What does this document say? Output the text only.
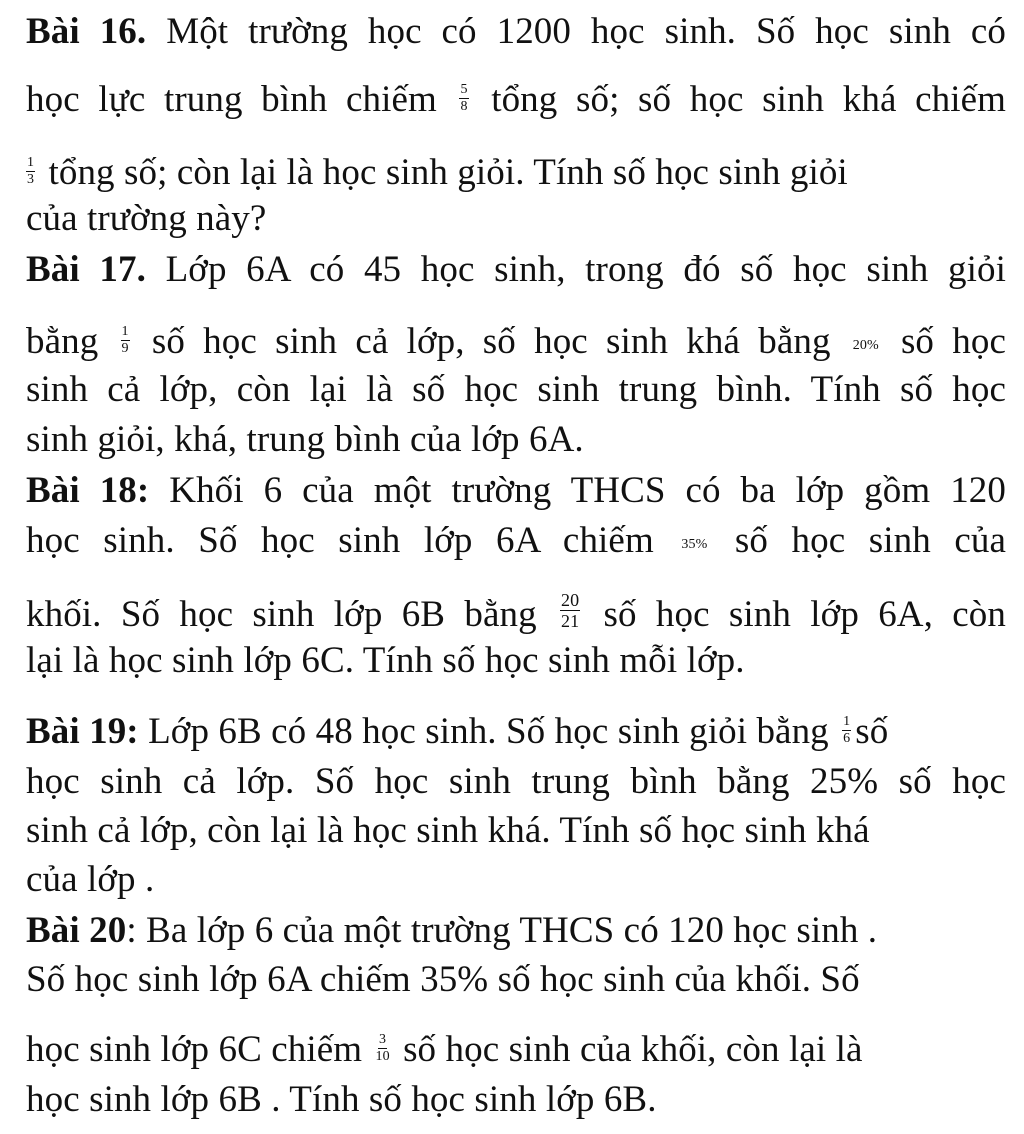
Bài 16. Một trường học có 1200 học sinh. Số học sinh có
học lực trung bình chiếm $\frac{5}{8}$ tổng số; số học sinh khá chiếm
$\frac{1}{3}$ tổng số; còn lại là học sinh giỏi. Tính số học sinh giỏi
của trường này?
Bài 17. Lớp 6A có 45 học sinh, trong đó số học sinh giỏi
bằng $\frac{1}{9}$ số học sinh cả lớp, số học sinh khá bằng 20% số học
sinh cả lớp, còn lại là số học sinh trung bình. Tính số học
sinh giỏi, khá, trung bình của lớp 6A.
Bài 18: Khối 6 của một trường THCS có ba lớp gồm 120
học sinh. Số học sinh lớp 6A chiếm 35% số học sinh của
khối. Số học sinh lớp 6B bằng $\frac{20}{21}$ số học sinh lớp 6A, còn
lại là học sinh lớp 6C. Tính số học sinh mỗi lớp.
Bài 19: Lớp 6B có 48 học sinh. Số học sinh giỏi bằng $\frac{1}{6}$ số
học sinh cả lớp. Số học sinh trung bình bằng 25% số học
sinh cả lớp, còn lại là học sinh khá. Tính số học sinh khá
của lớp .
Bài 20: Ba lớp 6 của một trường THCS có 120 học sinh .
Số học sinh lớp 6A chiếm 35% số học sinh của khối. Số
học sinh lớp 6C chiếm $\frac{3}{10}$ số học sinh của khối, còn lại là
học sinh lớp 6B . Tính số học sinh lớp 6B.
